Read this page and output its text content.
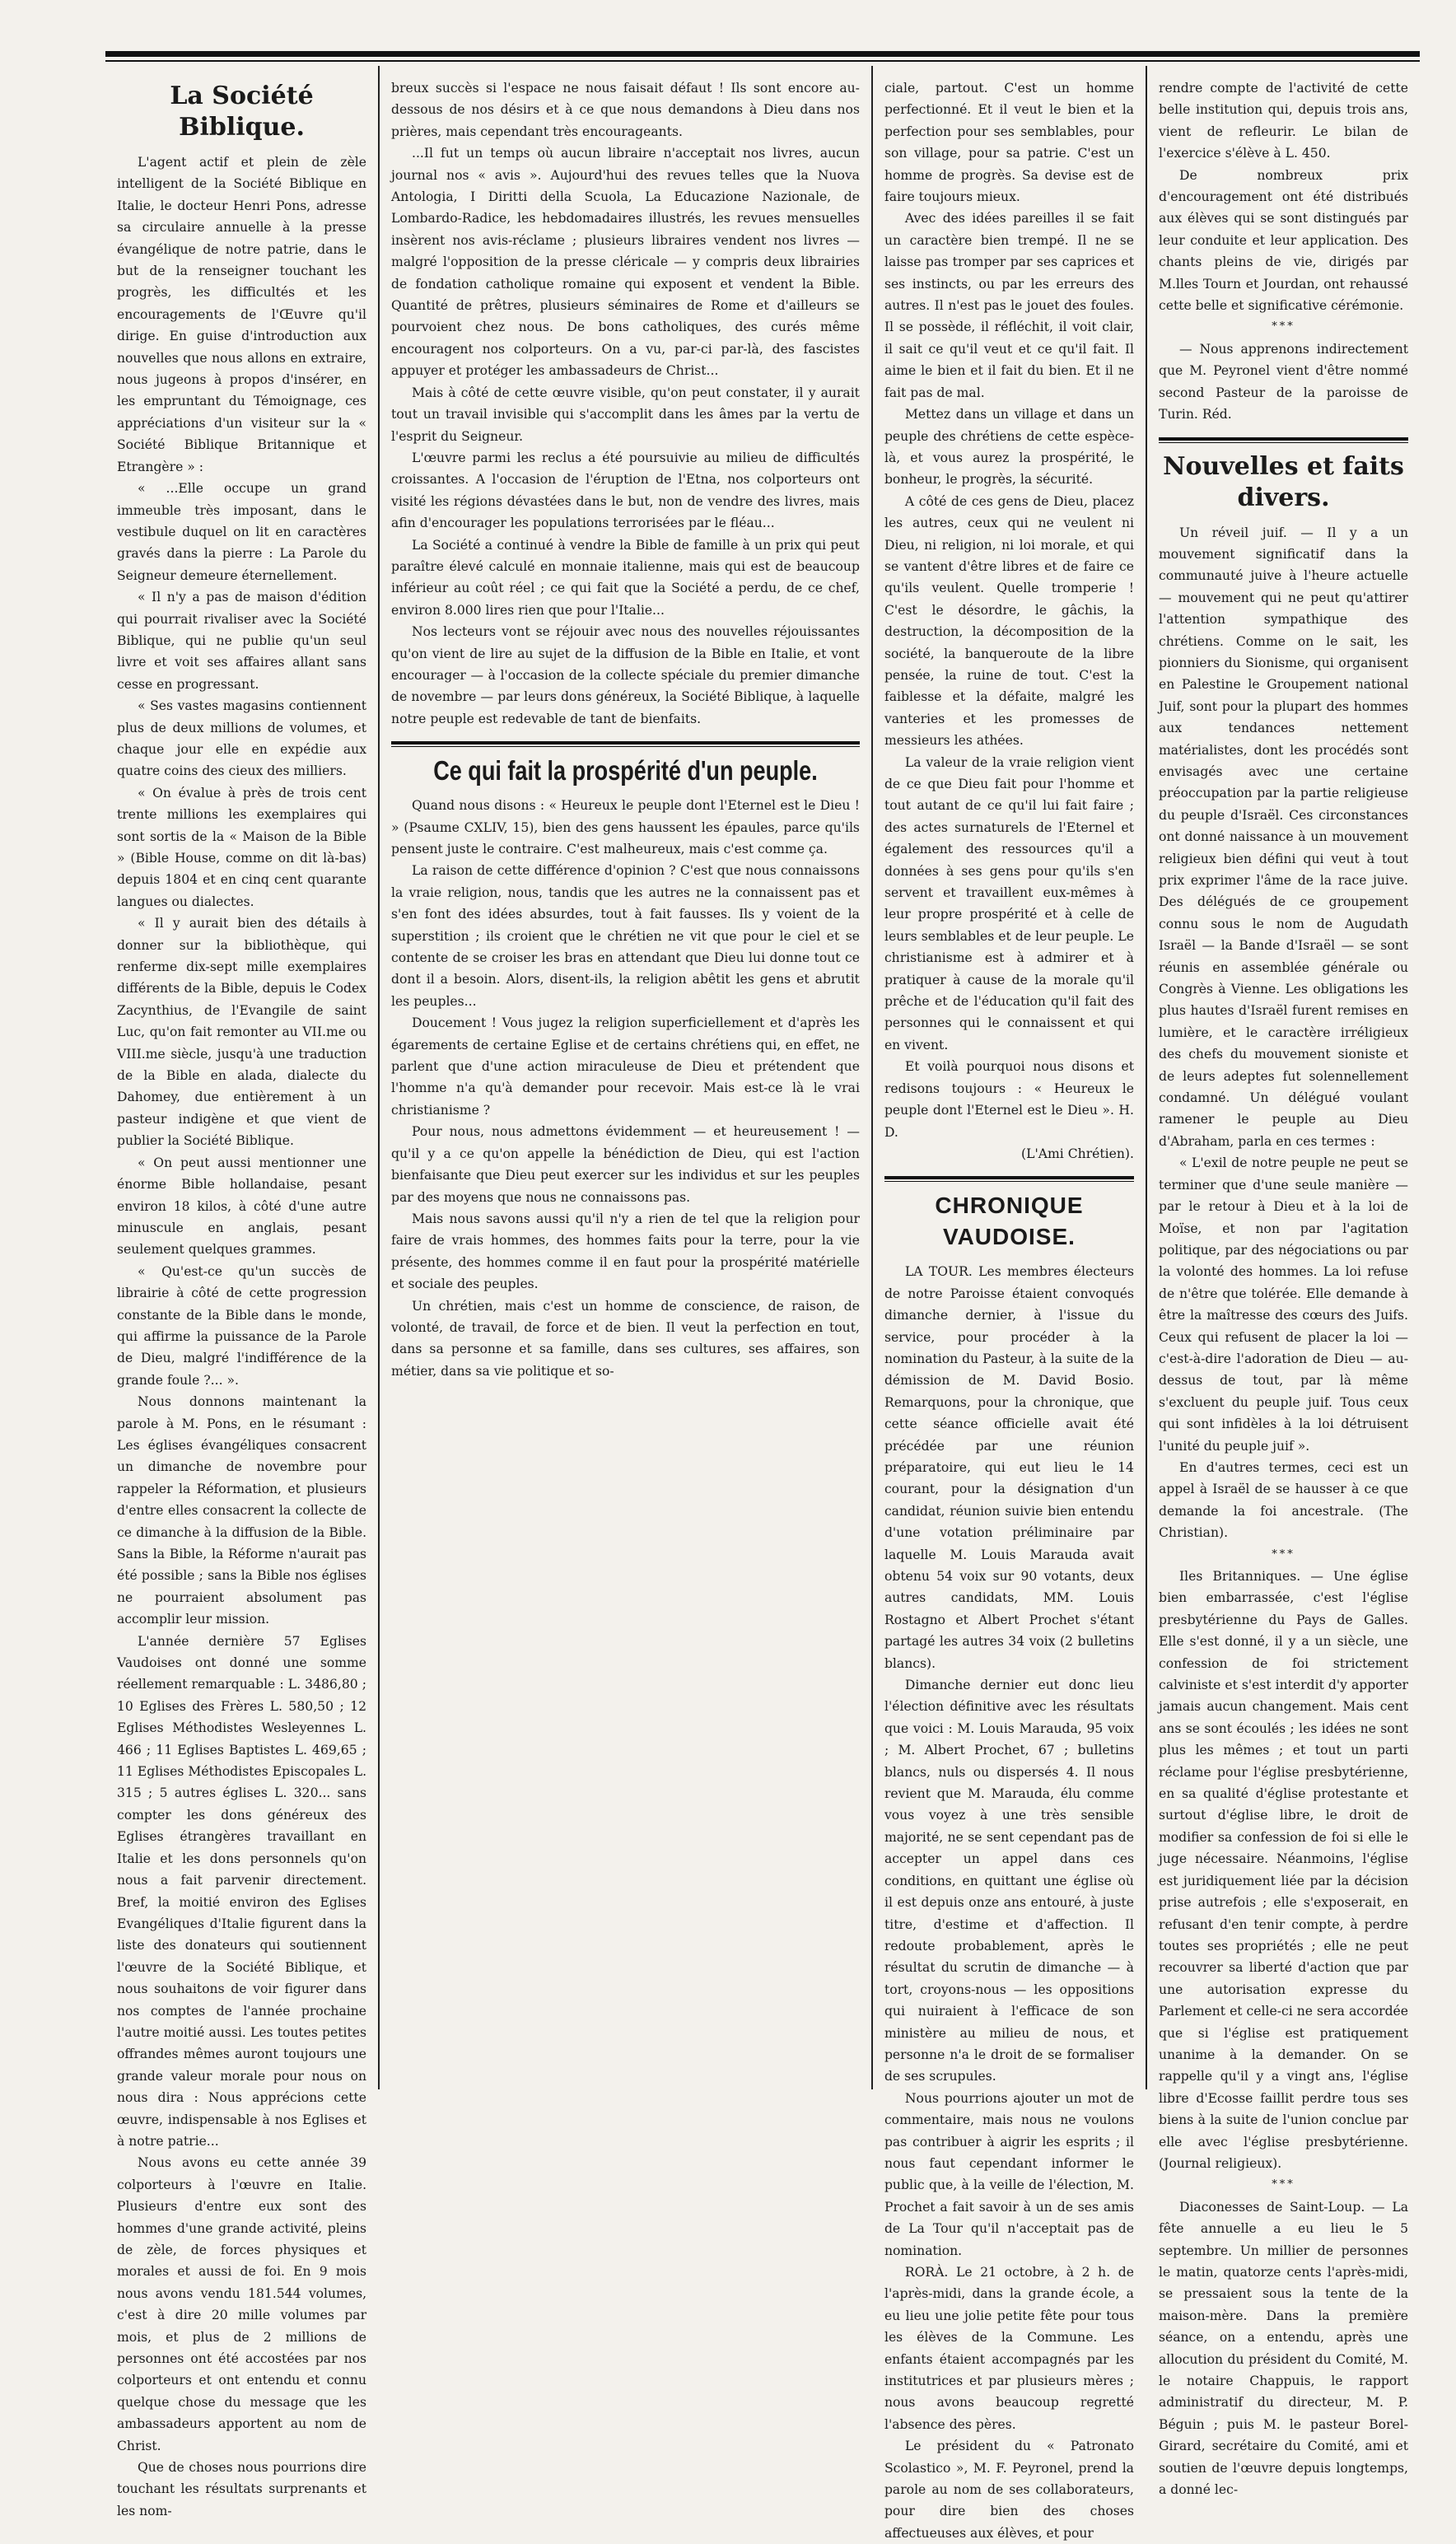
La Société Biblique.

L'agent actif et plein de zèle intelligent de la Société Biblique en Italie, le docteur Henri Pons, adresse sa circulaire annuelle à la presse évangélique de notre patrie, dans le but de la renseigner touchant les progrès, les difficultés et les encouragements de l'Œuvre qu'il dirige. En guise d'introduction aux nouvelles que nous allons en extraire, nous jugeons à propos d'insérer, en les empruntant du Témoignage, ces appréciations d'un visiteur sur la « Société Biblique Britannique et Etrangère » :

« ...Elle occupe un grand immeuble très imposant, dans le vestibule duquel on lit en caractères gravés dans la pierre : La Parole du Seigneur demeure éternellement.

« Il n'y a pas de maison d'édition qui pourrait rivaliser avec la Société Biblique, qui ne publie qu'un seul livre et voit ses affaires allant sans cesse en progressant.

« Ses vastes magasins contiennent plus de deux millions de volumes, et chaque jour elle en expédie aux quatre coins des cieux des milliers.

« On évalue à près de trois cent trente millions les exemplaires qui sont sortis de la « Maison de la Bible » (Bible House, comme on dit là-bas) depuis 1804 et en cinq cent quarante langues ou dialectes.

« Il y aurait bien des détails à donner sur la bibliothèque, qui renferme dix-sept mille exemplaires différents de la Bible, depuis le Codex Zacynthius, de l'Evangile de saint Luc, qu'on fait remonter au VII.me ou VIII.me siècle, jusqu'à une traduction de la Bible en alada, dialecte du Dahomey, due entièrement à un pasteur indigène et que vient de publier la Société Biblique.

« On peut aussi mentionner une énorme Bible hollandaise, pesant environ 18 kilos, à côté d'une autre minuscule en anglais, pesant seulement quelques grammes.

« Qu'est-ce qu'un succès de librairie à côté de cette progression constante de la Bible dans le monde, qui affirme la puissance de la Parole de Dieu, malgré l'indifférence de la grande foule ?... ».

Nous donnons maintenant la parole à M. Pons, en le résumant : Les églises évangéliques consacrent un dimanche de novembre pour rappeler la Réformation, et plusieurs d'entre elles consacrent la collecte de ce dimanche à la diffusion de la Bible. Sans la Bible, la Réforme n'aurait pas été possible ; sans la Bible nos églises ne pourraient absolument pas accomplir leur mission.

L'année dernière 57 Eglises Vaudoises ont donné une somme réellement remarquable : L. 3486,80 ; 10 Eglises des Frères L. 580,50 ; 12 Eglises Méthodistes Wesleyennes L. 466 ; 11 Eglises Baptistes L. 469,65 ; 11 Eglises Méthodistes Episcopales L. 315 ; 5 autres églises L. 320... sans compter les dons généreux des Eglises étrangères travaillant en Italie et les dons personnels qu'on nous a fait parvenir directement. Bref, la moitié environ des Eglises Evangéliques d'Italie figurent dans la liste des donateurs qui soutiennent l'œuvre de la Société Biblique, et nous souhaitons de voir figurer dans nos comptes de l'année prochaine l'autre moitié aussi. Les toutes petites offrandes mêmes auront toujours une grande valeur morale pour nous on nous dira : Nous apprécions cette œuvre, indispensable à nos Eglises et à notre patrie...

Nous avons eu cette année 39 colporteurs à l'œuvre en Italie. Plusieurs d'entre eux sont des hommes d'une grande activité, pleins de zèle, de forces physiques et morales et aussi de foi. En 9 mois nous avons vendu 181.544 volumes, c'est à dire 20 mille volumes par mois, et plus de 2 millions de personnes ont été accostées par nos colporteurs et ont entendu et connu quelque chose du message que les ambassadeurs apportent au nom de Christ.

Que de choses nous pourrions dire touchant les résultats surprenants et les nom-

breux succès si l'espace ne nous faisait défaut ! Ils sont encore au-dessous de nos désirs et à ce que nous demandons à Dieu dans nos prières, mais cependant très encourageants.

...Il fut un temps où aucun libraire n'acceptait nos livres, aucun journal nos « avis ». Aujourd'hui des revues telles que la Nuova Antologia, I Diritti della Scuola, La Educazione Nazionale, de Lombardo-Radice, les hebdomadaires illustrés, les revues mensuelles insèrent nos avis-réclame ; plusieurs libraires vendent nos livres — malgré l'opposition de la presse cléricale — y compris deux librairies de fondation catholique romaine qui exposent et vendent la Bible. Quantité de prêtres, plusieurs séminaires de Rome et d'ailleurs se pourvoient chez nous. De bons catholiques, des curés même encouragent nos colporteurs. On a vu, par-ci par-là, des fascistes appuyer et protéger les ambassadeurs de Christ...

Mais à côté de cette œuvre visible, qu'on peut constater, il y aurait tout un travail invisible qui s'accomplit dans les âmes par la vertu de l'esprit du Seigneur.

L'œuvre parmi les reclus a été poursuivie au milieu de difficultés croissantes. A l'occasion de l'éruption de l'Etna, nos colporteurs ont visité les régions dévastées dans le but, non de vendre des livres, mais afin d'encourager les populations terrorisées par le fléau...

La Société a continué à vendre la Bible de famille à un prix qui peut paraître élevé calculé en monnaie italienne, mais qui est de beaucoup inférieur au coût réel ; ce qui fait que la Société a perdu, de ce chef, environ 8.000 lires rien que pour l'Italie...

Nos lecteurs vont se réjouir avec nous des nouvelles réjouissantes qu'on vient de lire au sujet de la diffusion de la Bible en Italie, et vont encourager — à l'occasion de la collecte spéciale du premier dimanche de novembre — par leurs dons généreux, la Société Biblique, à laquelle notre peuple est redevable de tant de bienfaits.

Ce qui fait la prospérité d'un peuple.

Quand nous disons : « Heureux le peuple dont l'Eternel est le Dieu ! » (Psaume CXLIV, 15), bien des gens haussent les épaules, parce qu'ils pensent juste le contraire. C'est malheureux, mais c'est comme ça.

La raison de cette différence d'opinion ? C'est que nous connaissons la vraie religion, nous, tandis que les autres ne la connaissent pas et s'en font des idées absurdes, tout à fait fausses. Ils y voient de la superstition ; ils croient que le chrétien ne vit que pour le ciel et se contente de se croiser les bras en attendant que Dieu lui donne tout ce dont il a besoin. Alors, disent-ils, la religion abêtit les gens et abrutit les peuples...

Doucement ! Vous jugez la religion superficiellement et d'après les égarements de certaine Eglise et de certains chrétiens qui, en effet, ne parlent que d'une action miraculeuse de Dieu et prétendent que l'homme n'a qu'à demander pour recevoir. Mais est-ce là le vrai christianisme ?

Pour nous, nous admettons évidemment — et heureusement ! — qu'il y a ce qu'on appelle la bénédiction de Dieu, qui est l'action bienfaisante que Dieu peut exercer sur les individus et sur les peuples par des moyens que nous ne connaissons pas.

Mais nous savons aussi qu'il n'y a rien de tel que la religion pour faire de vrais hommes, des hommes faits pour la terre, pour la vie présente, des hommes comme il en faut pour la prospérité matérielle et sociale des peuples.

Un chrétien, mais c'est un homme de conscience, de raison, de volonté, de travail, de force et de bien. Il veut la perfection en tout, dans sa personne et sa famille, dans ses cultures, ses affaires, son métier, dans sa vie politique et so-

ciale, partout. C'est un homme perfectionné. Et il veut le bien et la perfection pour ses semblables, pour son village, pour sa patrie. C'est un homme de progrès. Sa devise est de faire toujours mieux.

Avec des idées pareilles il se fait un caractère bien trempé. Il ne se laisse pas tromper par ses caprices et ses instincts, ou par les erreurs des autres. Il n'est pas le jouet des foules. Il se possède, il réfléchit, il voit clair, il sait ce qu'il veut et ce qu'il fait. Il aime le bien et il fait du bien. Et il ne fait pas de mal.

Mettez dans un village et dans un peuple des chrétiens de cette espèce-là, et vous aurez la prospérité, le bonheur, le progrès, la sécurité.

A côté de ces gens de Dieu, placez les autres, ceux qui ne veulent ni Dieu, ni religion, ni loi morale, et qui se vantent d'être libres et de faire ce qu'ils veulent. Quelle tromperie ! C'est le désordre, le gâchis, la destruction, la décomposition de la société, la banqueroute de la libre pensée, la ruine de tout. C'est la faiblesse et la défaite, malgré les vanteries et les promesses de messieurs les athées.

La valeur de la vraie religion vient de ce que Dieu fait pour l'homme et tout autant de ce qu'il lui fait faire ; des actes surnaturels de l'Eternel et également des ressources qu'il a données à ses gens pour qu'ils s'en servent et travaillent eux-mêmes à leur propre prospérité et à celle de leurs semblables et de leur peuple. Le christianisme est à admirer et à pratiquer à cause de la morale qu'il prêche et de l'éducation qu'il fait des personnes qui le connaissent et qui en vivent.

Et voilà pourquoi nous disons et redisons toujours : « Heureux le peuple dont l'Eternel est le Dieu ». H. D.

(L'Ami Chrétien).

CHRONIQUE VAUDOISE.

LA TOUR. Les membres électeurs de notre Paroisse étaient convoqués dimanche dernier, à l'issue du service, pour procéder à la nomination du Pasteur, à la suite de la démission de M. David Bosio. Remarquons, pour la chronique, que cette séance officielle avait été précédée par une réunion préparatoire, qui eut lieu le 14 courant, pour la désignation d'un candidat, réunion suivie bien entendu d'une votation préliminaire par laquelle M. Louis Marauda avait obtenu 54 voix sur 90 votants, deux autres candidats, MM. Louis Rostagno et Albert Prochet s'étant partagé les autres 34 voix (2 bulletins blancs).

Dimanche dernier eut donc lieu l'élection définitive avec les résultats que voici : M. Louis Marauda, 95 voix ; M. Albert Prochet, 67 ; bulletins blancs, nuls ou dispersés 4. Il nous revient que M. Marauda, élu comme vous voyez à une très sensible majorité, ne se sent cependant pas de accepter un appel dans ces conditions, en quittant une église où il est depuis onze ans entouré, à juste titre, d'estime et d'affection. Il redoute probablement, après le résultat du scrutin de dimanche — à tort, croyons-nous — les oppositions qui nuiraient à l'efficace de son ministère au milieu de nous, et personne n'a le droit de se formaliser de ses scrupules.

Nous pourrions ajouter un mot de commentaire, mais nous ne voulons pas contribuer à aigrir les esprits ; il nous faut cependant informer le public que, à la veille de l'élection, M. Prochet a fait savoir à un de ses amis de La Tour qu'il n'acceptait pas de nomination.

RORÀ. Le 21 octobre, à 2 h. de l'après-midi, dans la grande école, a eu lieu une jolie petite fête pour tous les élèves de la Commune. Les enfants étaient accompagnés par les institutrices et par plusieurs mères ; nous avons beaucoup regretté l'absence des pères.

Le président du « Patronato Scolastico », M. F. Peyronel, prend la parole au nom de ses collaborateurs, pour dire bien des choses affectueuses aux élèves, et pour

rendre compte de l'activité de cette belle institution qui, depuis trois ans, vient de refleurir. Le bilan de l'exercice s'élève à L. 450.

De nombreux prix d'encouragement ont été distribués aux élèves qui se sont distingués par leur conduite et leur application. Des chants pleins de vie, dirigés par M.lles Tourn et Jourdan, ont rehaussé cette belle et significative cérémonie.

***

— Nous apprenons indirectement que M. Peyronel vient d'être nommé second Pasteur de la paroisse de Turin. Réd.

Nouvelles et faits divers.

Un réveil juif. — Il y a un mouvement significatif dans la communauté juive à l'heure actuelle — mouvement qui ne peut qu'attirer l'attention sympathique des chrétiens. Comme on le sait, les pionniers du Sionisme, qui organisent en Palestine le Groupement national Juif, sont pour la plupart des hommes aux tendances nettement matérialistes, dont les procédés sont envisagés avec une certaine préoccupation par la partie religieuse du peuple d'Israël. Ces circonstances ont donné naissance à un mouvement religieux bien défini qui veut à tout prix exprimer l'âme de la race juive. Des délégués de ce groupement connu sous le nom de Augudath Israël — la Bande d'Israël — se sont réunis en assemblée générale ou Congrès à Vienne. Les obligations les plus hautes d'Israël furent remises en lumière, et le caractère irréligieux des chefs du mouvement sioniste et de leurs adeptes fut solennellement condamné. Un délégué voulant ramener le peuple au Dieu d'Abraham, parla en ces termes :

« L'exil de notre peuple ne peut se terminer que d'une seule manière — par le retour à Dieu et à la loi de Moïse, et non par l'agitation politique, par des négociations ou par la volonté des hommes. La loi refuse de n'être que tolérée. Elle demande à être la maîtresse des cœurs des Juifs. Ceux qui refusent de placer la loi — c'est-à-dire l'adoration de Dieu — au-dessus de tout, par là même s'excluent du peuple juif. Tous ceux qui sont infidèles à la loi détruisent l'unité du peuple juif ».

En d'autres termes, ceci est un appel à Israël de se hausser à ce que demande la foi ancestrale. (The Christian).

***

Iles Britanniques. — Une église bien embarrassée, c'est l'église presbytérienne du Pays de Galles. Elle s'est donné, il y a un siècle, une confession de foi strictement calviniste et s'est interdit d'y apporter jamais aucun changement. Mais cent ans se sont écoulés ; les idées ne sont plus les mêmes ; et tout un parti réclame pour l'église presbytérienne, en sa qualité d'église protestante et surtout d'église libre, le droit de modifier sa confession de foi si elle le juge nécessaire. Néanmoins, l'église est juridiquement liée par la décision prise autrefois ; elle s'exposerait, en refusant d'en tenir compte, à perdre toutes ses propriétés ; elle ne peut recouvrer sa liberté d'action que par une autorisation expresse du Parlement et celle-ci ne sera accordée que si l'église est pratiquement unanime à la demander. On se rappelle qu'il y a vingt ans, l'église libre d'Ecosse faillit perdre tous ses biens à la suite de l'union conclue par elle avec l'église presbytérienne. (Journal religieux).

***

Diaconesses de Saint-Loup. — La fête annuelle a eu lieu le 5 septembre. Un millier de personnes le matin, quatorze cents l'après-midi, se pressaient sous la tente de la maison-mère. Dans la première séance, on a entendu, après une allocution du président du Comité, M. le notaire Chappuis, le rapport administratif du directeur, M. P. Béguin ; puis M. le pasteur Borel-Girard, secrétaire du Comité, ami et soutien de l'œuvre depuis longtemps, a donné lec-
